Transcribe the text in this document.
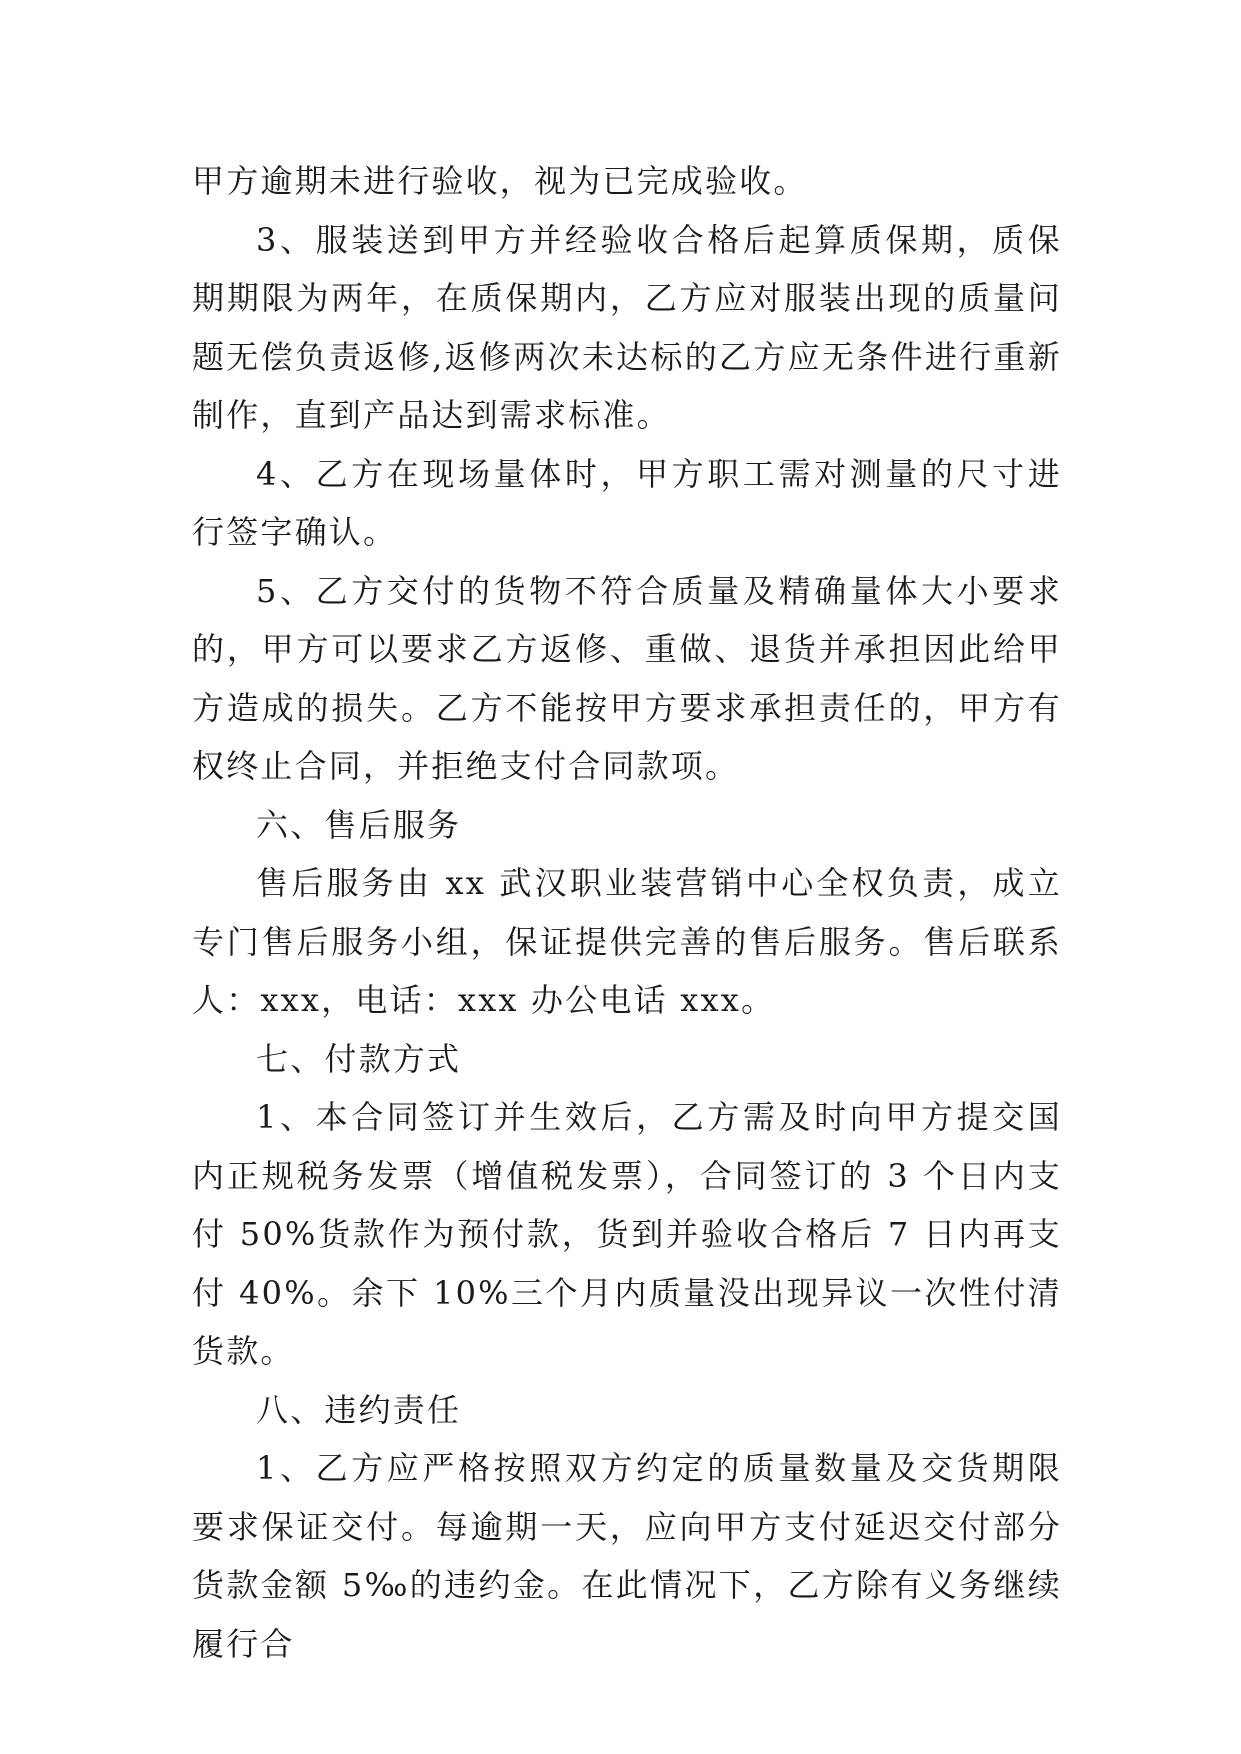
甲方逾期未进行验收，视为已完成验收。

3、服装送到甲方并经验收合格后起算质保期，质保期期限为两年，在质保期内，乙方应对服装出现的质量问题无偿负责返修,返修两次未达标的乙方应无条件进行重新制作，直到产品达到需求标准。

4、乙方在现场量体时，甲方职工需对测量的尺寸进行签字确认。

5、乙方交付的货物不符合质量及精确量体大小要求的，甲方可以要求乙方返修、重做、退货并承担因此给甲方造成的损失。乙方不能按甲方要求承担责任的，甲方有权终止合同，并拒绝支付合同款项。

六、售后服务

售后服务由 xx 武汉职业装营销中心全权负责，成立专门售后服务小组，保证提供完善的售后服务。售后联系人：xxx，电话：xxx 办公电话 xxx。

七、付款方式

1、本合同签订并生效后，乙方需及时向甲方提交国内正规税务发票（增值税发票），合同签订的 3 个日内支付 50%货款作为预付款，货到并验收合格后 7 日内再支付 40%。余下 10%三个月内质量没出现异议一次性付清货款。

八、违约责任

1、乙方应严格按照双方约定的质量数量及交货期限要求保证交付。每逾期一天，应向甲方支付延迟交付部分货款金额 5‰的违约金。在此情况下，乙方除有义务继续履行合
